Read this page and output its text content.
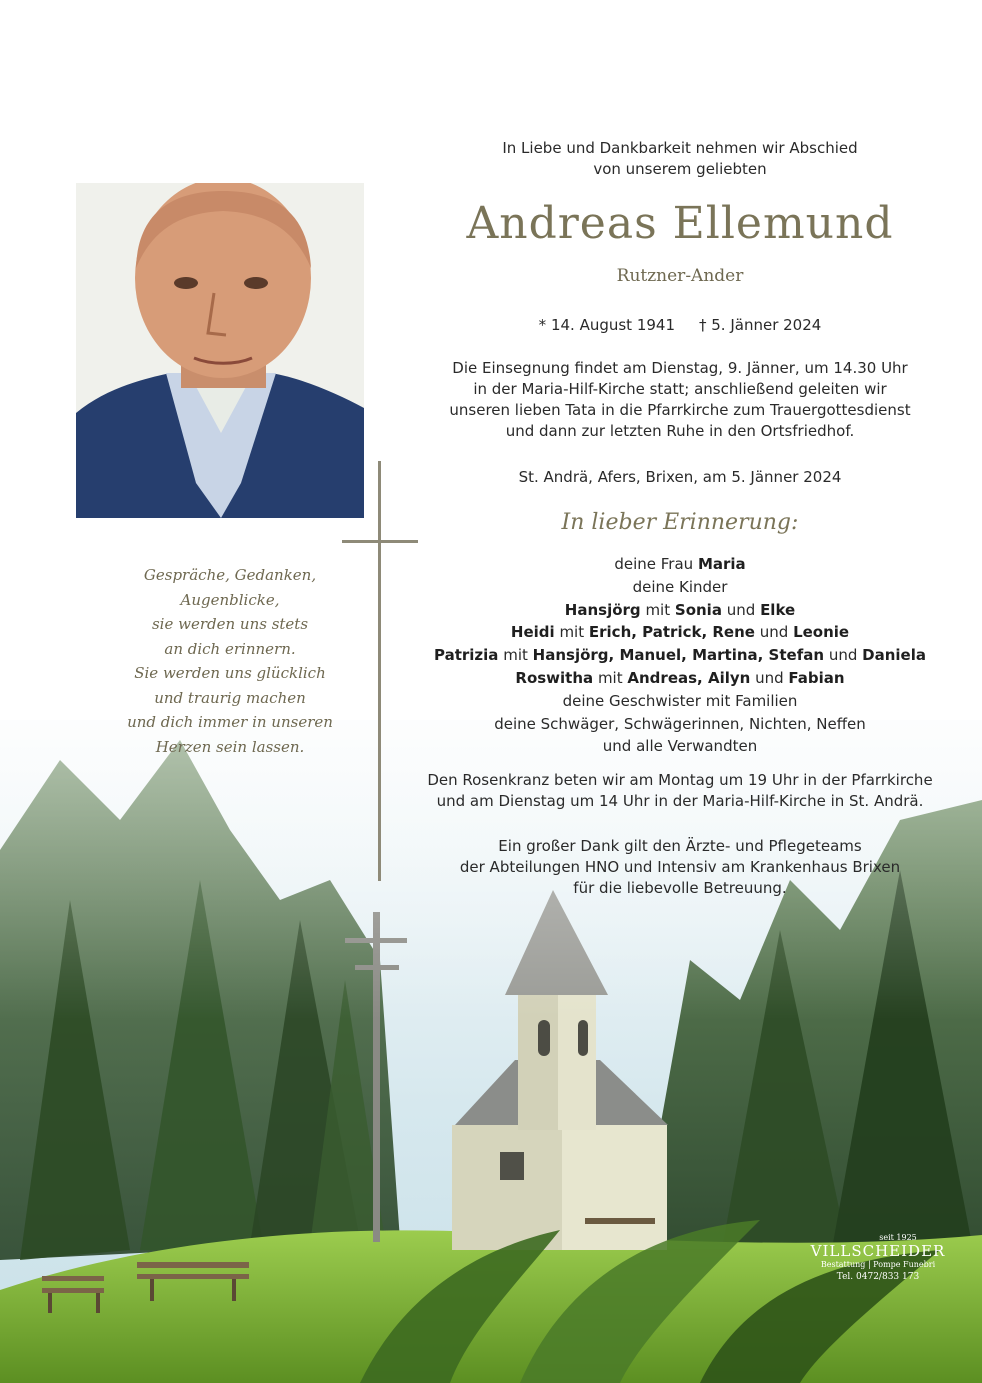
In Liebe und Dankbarkeit nehmen wir Abschied
von unserem geliebten
Andreas Ellemund
Rutzner-Ander
* 14. August 1941 † 5. Jänner 2024
Die Einsegnung findet am Dienstag, 9. Jänner, um 14.30 Uhr
in der Maria-Hilf-Kirche statt; anschließend geleiten wir
unseren lieben Tata in die Pfarrkirche zum Trauergottesdienst
und dann zur letzten Ruhe in den Ortsfriedhof.
St. Andrä, Afers, Brixen, am 5. Jänner 2024
In lieber Erinnerung:
deine Frau Maria
deine Kinder
Hansjörg mit Sonia und Elke
Heidi mit Erich, Patrick, Rene und Leonie
Patrizia mit Hansjörg, Manuel, Martina, Stefan und Daniela
Roswitha mit Andreas, Ailyn und Fabian
deine Geschwister mit Familien
deine Schwäger, Schwägerinnen, Nichten, Neffen
und alle Verwandten
Den Rosenkranz beten wir am Montag um 19 Uhr in der Pfarrkirche
und am Dienstag um 14 Uhr in der Maria-Hilf-Kirche in St. Andrä.
Ein großer Dank gilt den Ärzte- und Pflegeteams
der Abteilungen HNO und Intensiv am Krankenhaus Brixen
für die liebevolle Betreuung.
Gespräche, Gedanken,
Augenblicke,
sie werden uns stets
an dich erinnern.
Sie werden uns glücklich
und traurig machen
und dich immer in unseren
Herzen sein lassen.
seit 1925
VILLSCHEIDER
Bestattung | Pompe Funebri
Tel. 0472/833 173
